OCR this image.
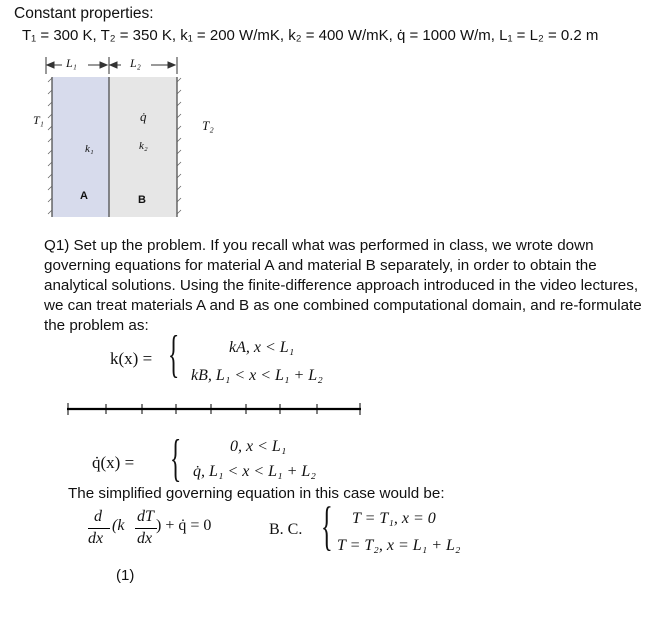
Constant properties:
T₁ = 300 K, T₂ = 350 K, k₁ = 200 W/mK, k₂ = 400 W/mK, q̇ = 1000 W/m, L₁ = L₂ = 0.2 m
L₁	L₂
T₁	q̇
T₂
k₁	k₂
A	B
Q1) Set up the problem. If you recall what was performed in class, we wrote down
governing equations for material A and material B separately, in order to obtain the
analytical solutions. Using the finite-difference approach introduced in the video lectures,
we can treat materials A and B as one combined computational domain, and re-formulate
the problem as:
k(x) = {	kA, x < L₁
kB, L₁ < x < L₁ + L₂
q̇(x) = {	0, x < L₁
q̇, L₁ < x < L₁ + L₂
The simplified governing equation in this case would be:
d
dx
(k
dT
dx
) + q̇ = 0
(1)
B. C. { T = T₁, x = 0
T = T₂, x = L₁ + L₂
